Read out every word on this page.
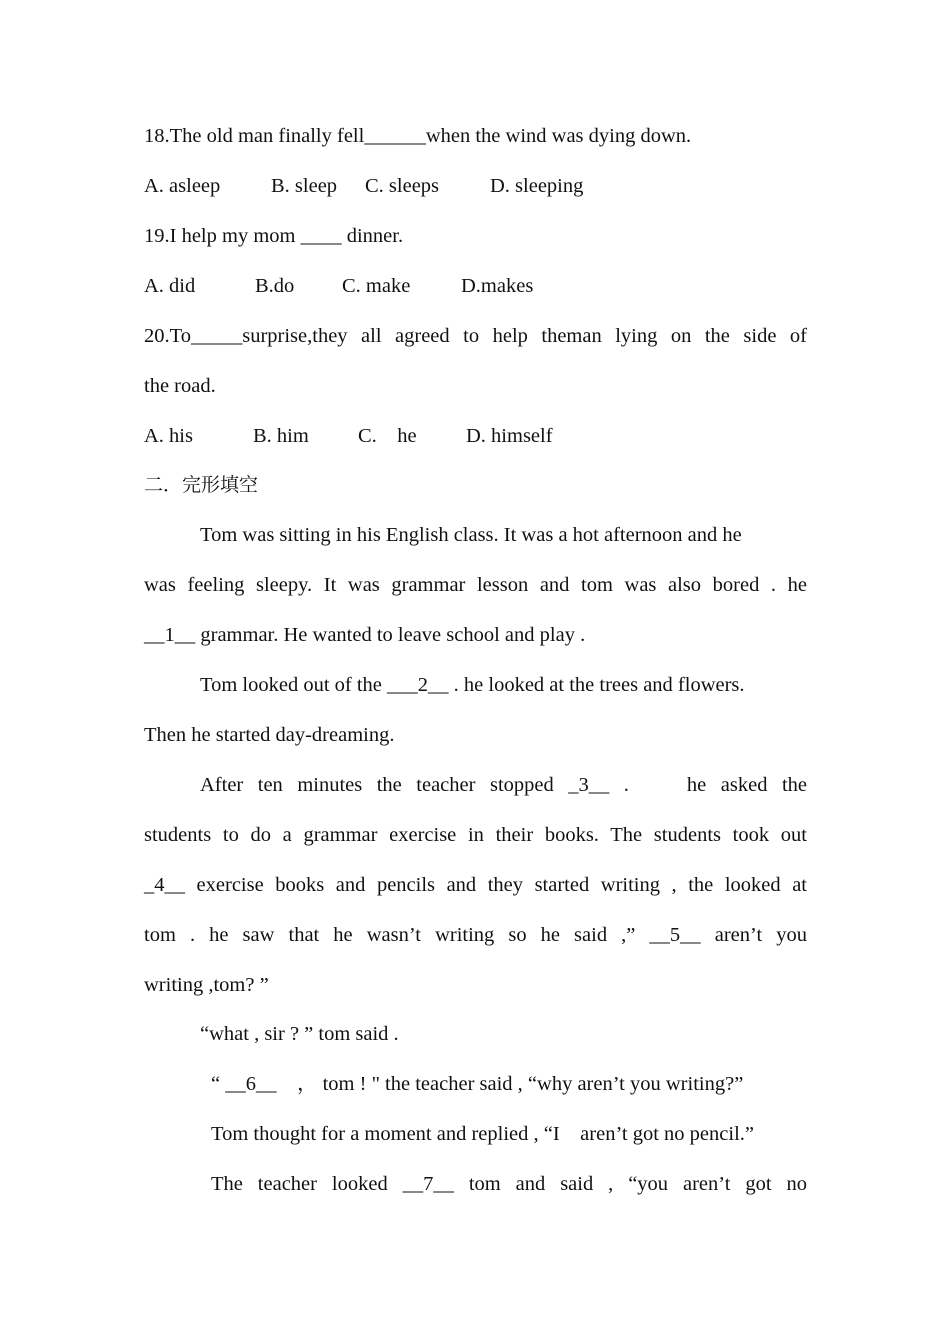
18.The old man finally fell______when the wind was dying down.
A. asleep B. sleep C. sleeps D. sleeping
19.I help my mom ____ dinner.
A. did	B.do C. make D.makes
20.To_____surprise,they all agreed to help theman lying on the side of
the road.
A. his	B. him C.    he D. himself
二．完形填空
Tom was sitting in his English class. It was a hot afternoon and he
was feeling sleepy. It was grammar lesson and tom was also bored . he
__1__ grammar. He wanted to leave school and play .
Tom looked out of the ___2__ . he looked at the trees and flowers.
Then he started day-dreaming.
After ten minutes the teacher stopped _3__ .    he asked the
students to do a grammar exercise in their books. The students took out
_4__ exercise books and pencils and they started writing , the looked at
tom . he saw that he wasn’t writing so he said ,” __5__ aren’t you
writing ,tom? ”
“what , sir ? ” tom said .
“ __6__    ， tom ! " the teacher said , “why aren’t you writing?”
Tom thought for a moment and replied , “I    aren’t got no pencil.”
The teacher looked __7__ tom and said , “you aren’t got no
